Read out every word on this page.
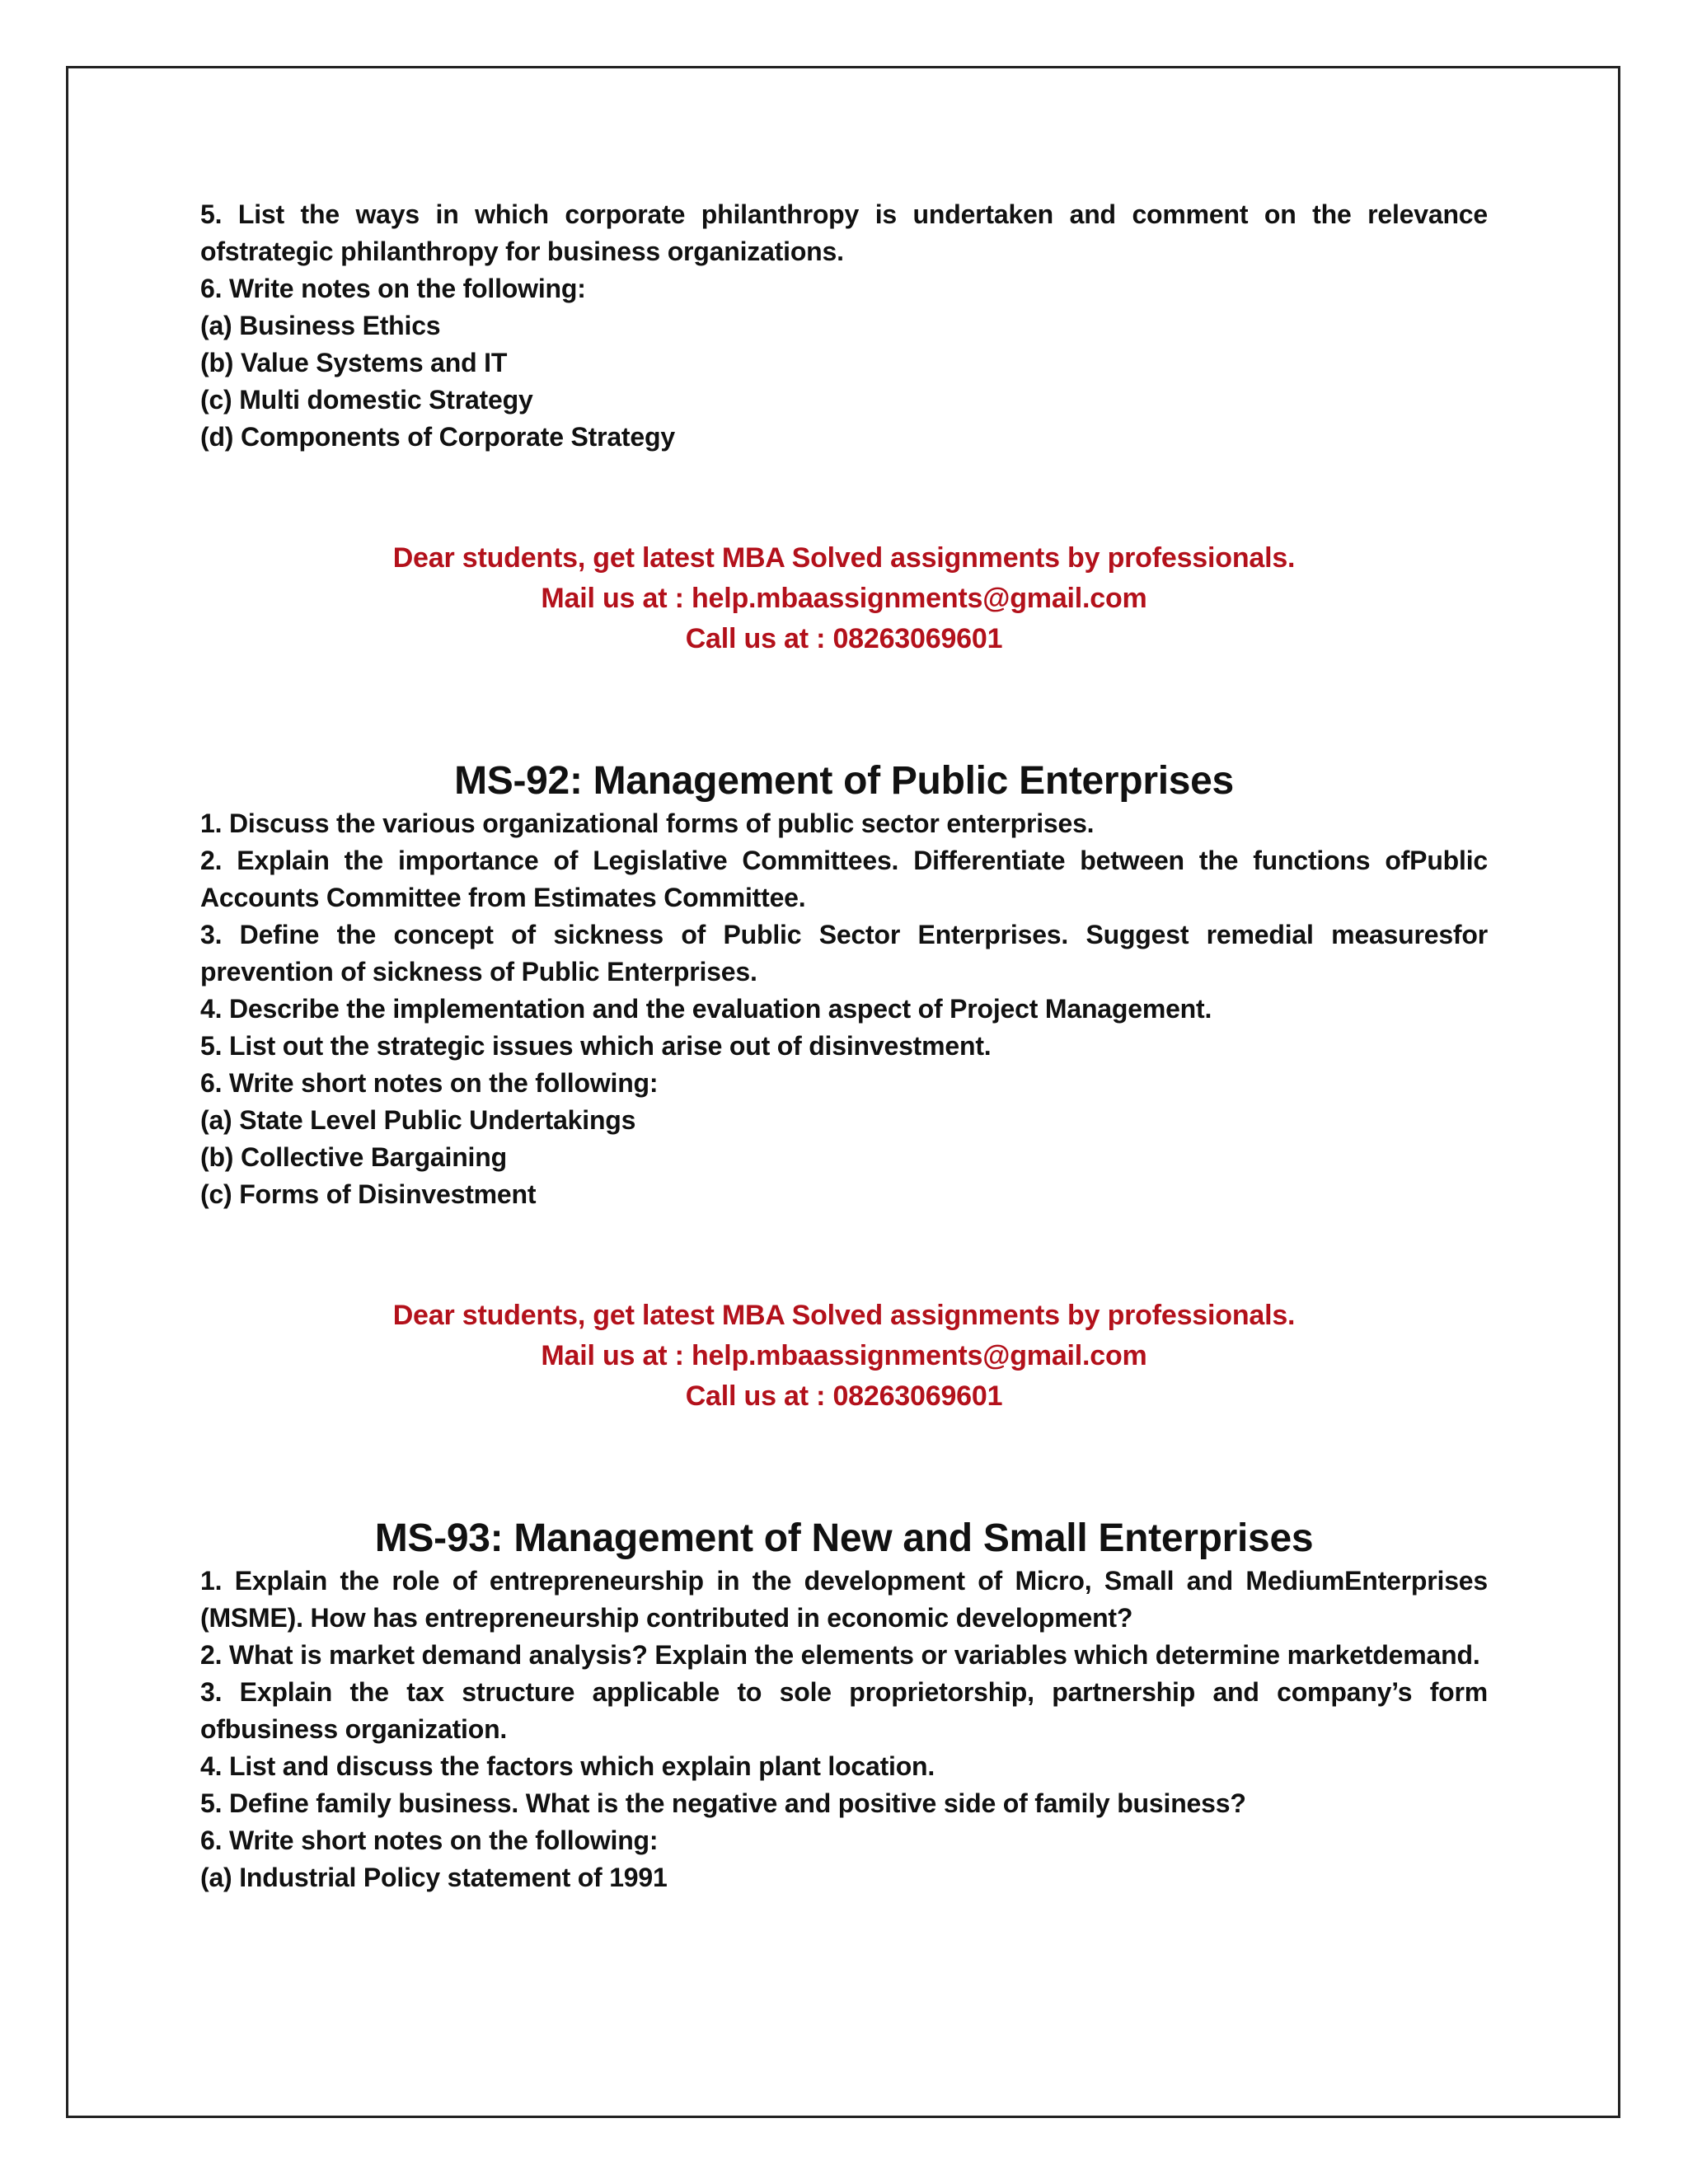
5. List the ways in which corporate philanthropy is undertaken and comment on the relevance ofstrategic philanthropy for business organizations.

6. Write notes on the following:

(a) Business Ethics

(b) Value Systems and IT

(c) Multi domestic Strategy

(d) Components of Corporate Strategy

Dear students, get latest MBA Solved assignments by professionals.

Mail us at : help.mbaassignments@gmail.com

Call us at : 08263069601

MS-92: Management of Public Enterprises

1. Discuss the various organizational forms of public sector enterprises.

2. Explain the importance of Legislative Committees. Differentiate between the functions ofPublic Accounts Committee from Estimates Committee.

3. Define the concept of sickness of Public Sector Enterprises. Suggest remedial measuresfor prevention of sickness of Public Enterprises.

4. Describe the implementation and the evaluation aspect of Project Management.

5. List out the strategic issues which arise out of disinvestment.

6. Write short notes on the following:

(a) State Level Public Undertakings

(b) Collective Bargaining

(c) Forms of Disinvestment

Dear students, get latest MBA Solved assignments by professionals.

Mail us at : help.mbaassignments@gmail.com

Call us at : 08263069601

MS-93: Management of New and Small Enterprises

1. Explain the role of entrepreneurship in the development of Micro, Small and MediumEnterprises (MSME). How has entrepreneurship contributed in economic development?

2. What is market demand analysis? Explain the elements or variables which determine marketdemand.

3. Explain the tax structure applicable to sole proprietorship, partnership and company’s form ofbusiness organization.

4. List and discuss the factors which explain plant location.

5. Define family business. What is the negative and positive side of family business?

6. Write short notes on the following:

(a) Industrial Policy statement of 1991
